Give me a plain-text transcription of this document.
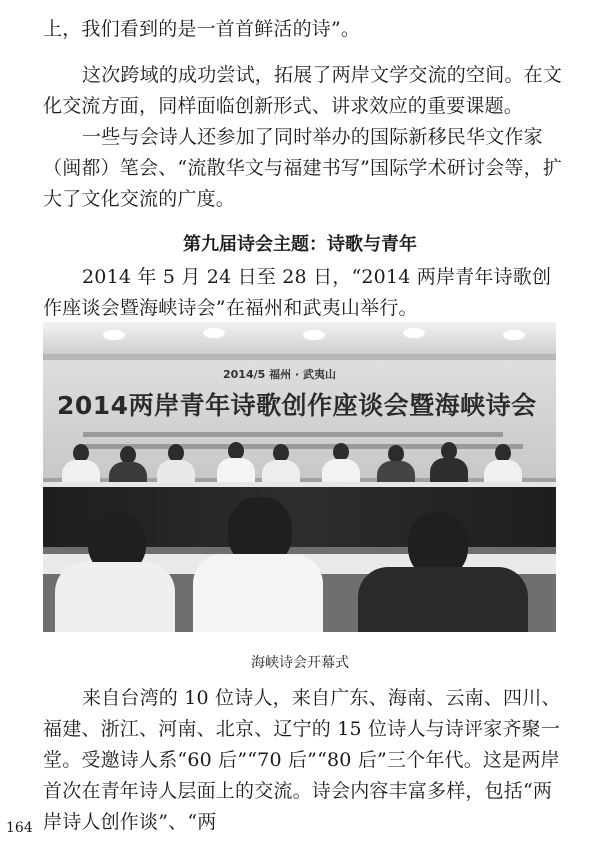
上，我们看到的是一首首鲜活的诗”。

这次跨域的成功尝试，拓展了两岸文学交流的空间。在文化交流方面，同样面临创新形式、讲求效应的重要课题。

一些与会诗人还参加了同时举办的国际新移民华文作家（闽都）笔会、“流散华文与福建书写”国际学术研讨会等，扩大了文化交流的广度。

第九届诗会主题：诗歌与青年

2014 年 5 月 24 日至 28 日，“2014 两岸青年诗歌创作座谈会暨海峡诗会”在福州和武夷山举行。

2014/5 福州 · 武夷山
2014两岸青年诗歌创作座谈会暨海峡诗会

海峡诗会开幕式

来自台湾的 10 位诗人，来自广东、海南、云南、四川、福建、浙江、河南、北京、辽宁的 15 位诗人与诗评家齐聚一堂。受邀诗人系“60 后”“70 后”“80 后”三个年代。这是两岸首次在青年诗人层面上的交流。诗会内容丰富多样，包括“两岸诗人创作谈”、“两

164
